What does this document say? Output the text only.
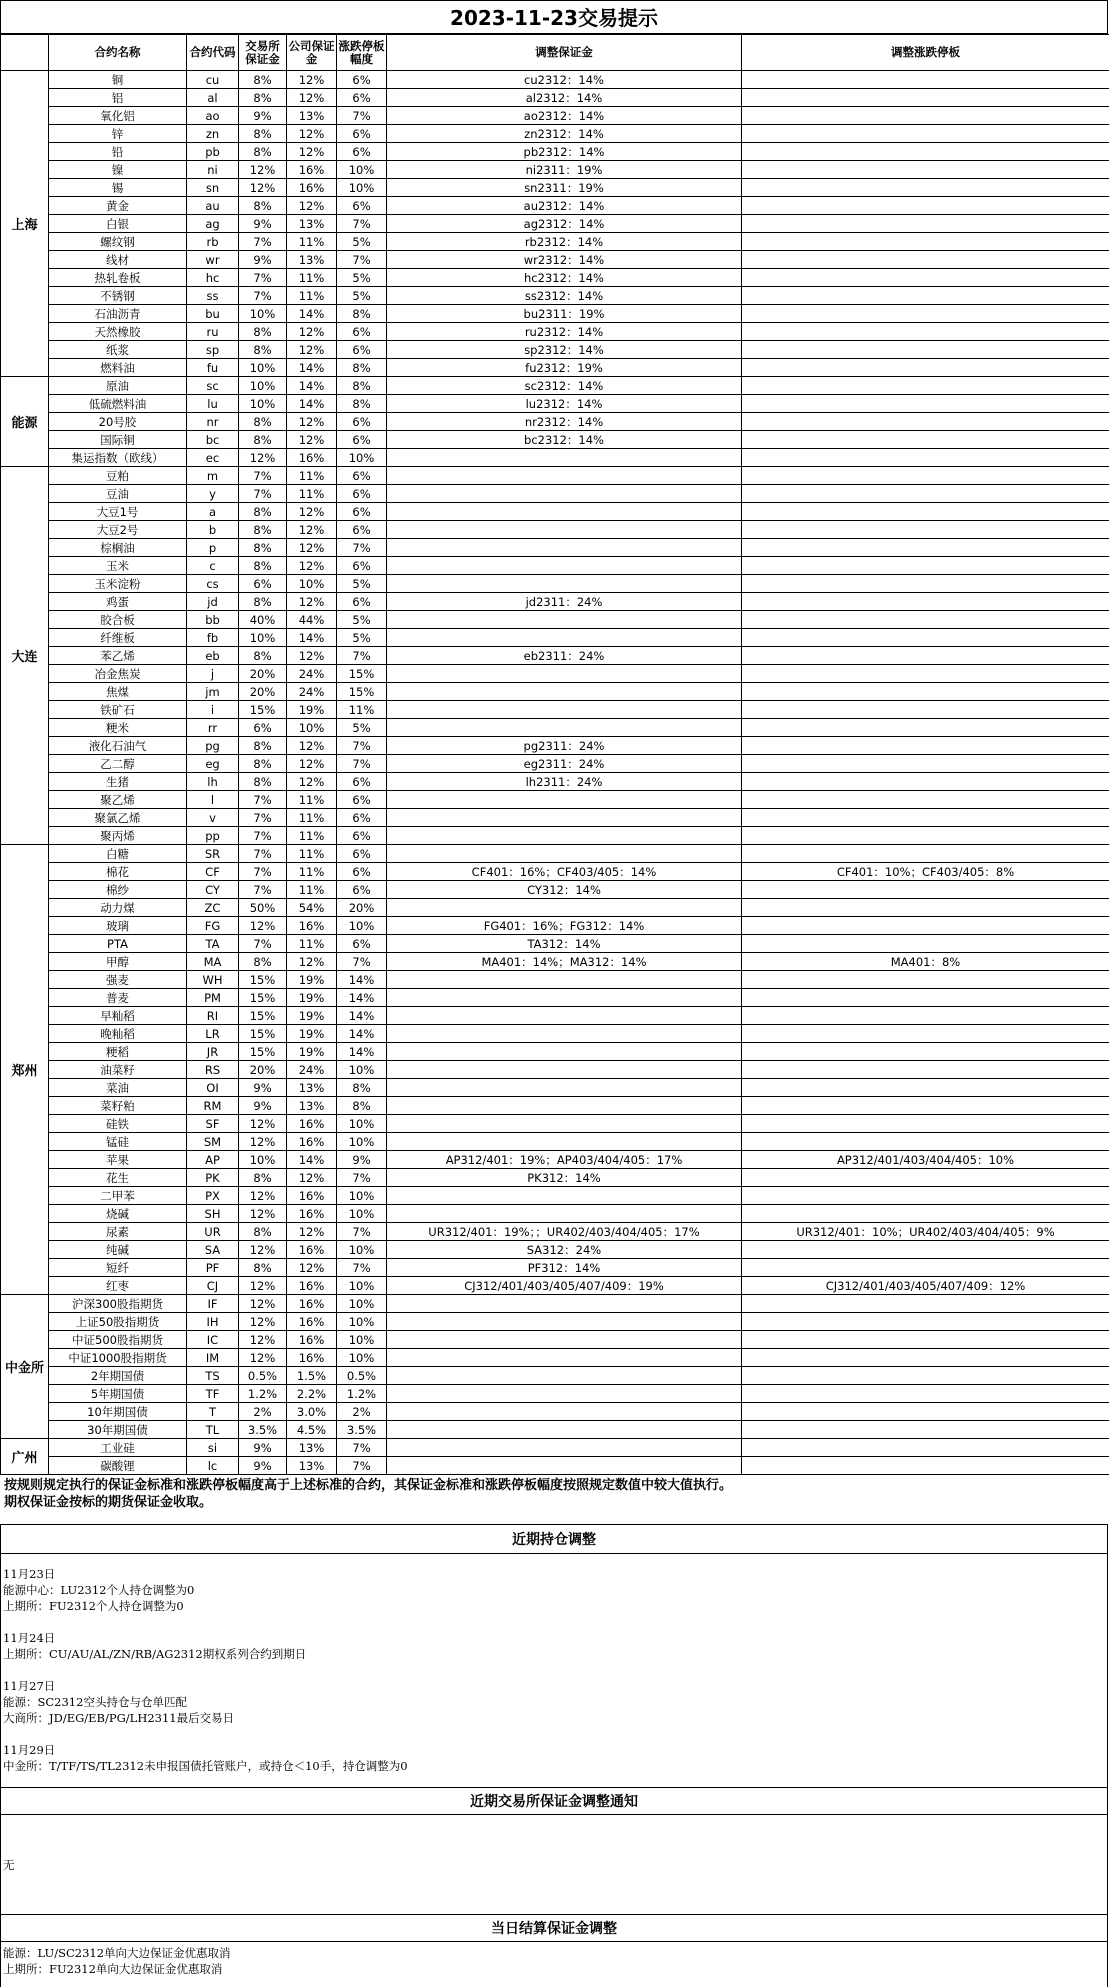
2023-11-23交易提示
	合约名称	合约代码	交易所保证金	公司保证金	涨跌停板幅度	调整保证金	调整涨跌停板
上海	铜	cu	8%	12%	6%	cu2312：14%	
	铝	al	8%	12%	6%	al2312：14%	
	氧化铝	ao	9%	13%	7%	ao2312：14%	
	锌	zn	8%	12%	6%	zn2312：14%	
	铅	pb	8%	12%	6%	pb2312：14%	
	镍	ni	12%	16%	10%	ni2311：19%	
	锡	sn	12%	16%	10%	sn2311：19%	
	黄金	au	8%	12%	6%	au2312：14%	
	白银	ag	9%	13%	7%	ag2312：14%	
	螺纹钢	rb	7%	11%	5%	rb2312：14%	
	线材	wr	9%	13%	7%	wr2312：14%	
	热轧卷板	hc	7%	11%	5%	hc2312：14%	
	不锈钢	ss	7%	11%	5%	ss2312：14%	
	石油沥青	bu	10%	14%	8%	bu2311：19%	
	天然橡胶	ru	8%	12%	6%	ru2312：14%	
	纸浆	sp	8%	12%	6%	sp2312：14%	
	燃料油	fu	10%	14%	8%	fu2312：19%	
能源	原油	sc	10%	14%	8%	sc2312：14%	
	低硫燃料油	lu	10%	14%	8%	lu2312：14%	
	20号胶	nr	8%	12%	6%	nr2312：14%	
	国际铜	bc	8%	12%	6%	bc2312：14%	
	集运指数（欧线）	ec	12%	16%	10%		
大连	豆粕	m	7%	11%	6%		
	豆油	y	7%	11%	6%		
	大豆1号	a	8%	12%	6%		
	大豆2号	b	8%	12%	6%		
	棕榈油	p	8%	12%	7%		
	玉米	c	8%	12%	6%		
	玉米淀粉	cs	6%	10%	5%		
	鸡蛋	jd	8%	12%	6%	jd2311：24%	
	胶合板	bb	40%	44%	5%		
	纤维板	fb	10%	14%	5%		
	苯乙烯	eb	8%	12%	7%	eb2311：24%	
	冶金焦炭	j	20%	24%	15%		
	焦煤	jm	20%	24%	15%		
	铁矿石	i	15%	19%	11%		
	粳米	rr	6%	10%	5%		
	液化石油气	pg	8%	12%	7%	pg2311：24%	
	乙二醇	eg	8%	12%	7%	eg2311：24%	
	生猪	lh	8%	12%	6%	lh2311：24%	
	聚乙烯	l	7%	11%	6%		
	聚氯乙烯	v	7%	11%	6%		
	聚丙烯	pp	7%	11%	6%		
郑州	白糖	SR	7%	11%	6%		
	棉花	CF	7%	11%	6%	CF401：16%；CF403/405：14%	CF401：10%；CF403/405：8%
	棉纱	CY	7%	11%	6%	CY312：14%	
	动力煤	ZC	50%	54%	20%		
	玻璃	FG	12%	16%	10%	FG401：16%；FG312：14%	
	PTA	TA	7%	11%	6%	TA312：14%	
	甲醇	MA	8%	12%	7%	MA401：14%；MA312：14%	MA401：8%
	强麦	WH	15%	19%	14%		
	普麦	PM	15%	19%	14%		
	早籼稻	RI	15%	19%	14%		
	晚籼稻	LR	15%	19%	14%		
	粳稻	JR	15%	19%	14%		
	油菜籽	RS	20%	24%	10%		
	菜油	OI	9%	13%	8%		
	菜籽粕	RM	9%	13%	8%		
	硅铁	SF	12%	16%	10%		
	锰硅	SM	12%	16%	10%		
	苹果	AP	10%	14%	9%	AP312/401：19%；AP403/404/405：17%	AP312/401/403/404/405：10%
	花生	PK	8%	12%	7%	PK312：14%	
	二甲苯	PX	12%	16%	10%		
	烧碱	SH	12%	16%	10%		
	尿素	UR	8%	12%	7%	UR312/401：19%；；UR402/403/404/405：17%	UR312/401：10%；UR402/403/404/405：9%
	纯碱	SA	12%	16%	10%	SA312：24%	
	短纤	PF	8%	12%	7%	PF312：14%	
	红枣	CJ	12%	16%	10%	CJ312/401/403/405/407/409：19%	CJ312/401/403/405/407/409：12%
中金所	沪深300股指期货	IF	12%	16%	10%		
	上证50股指期货	IH	12%	16%	10%		
	中证500股指期货	IC	12%	16%	10%		
	中证1000股指期货	IM	12%	16%	10%		
	2年期国债	TS	0.5%	1.5%	0.5%		
	5年期国债	TF	1.2%	2.2%	1.2%		
	10年期国债	T	2%	3.0%	2%		
	30年期国债	TL	3.5%	4.5%	3.5%		
广州	工业硅	si	9%	13%	7%		
	碳酸锂	lc	9%	13%	7%		
按规则规定执行的保证金标准和涨跌停板幅度高于上述标准的合约，其保证金标准和涨跌停板幅度按照规定数值中较大值执行。
期权保证金按标的期货保证金收取。
近期持仓调整
11月23日
能源中心：LU2312个人持仓调整为0
上期所：FU2312个人持仓调整为0
11月24日
上期所：CU/AU/AL/ZN/RB/AG2312期权系列合约到期日
11月27日
能源：SC2312空头持仓与仓单匹配
大商所：JD/EG/EB/PG/LH2311最后交易日
11月29日
中金所：T/TF/TS/TL2312未申报国债托管账户，或持仓＜10手，持仓调整为0
近期交易所保证金调整通知
无
当日结算保证金调整
能源：LU/SC2312单向大边保证金优惠取消
上期所：FU2312单向大边保证金优惠取消
